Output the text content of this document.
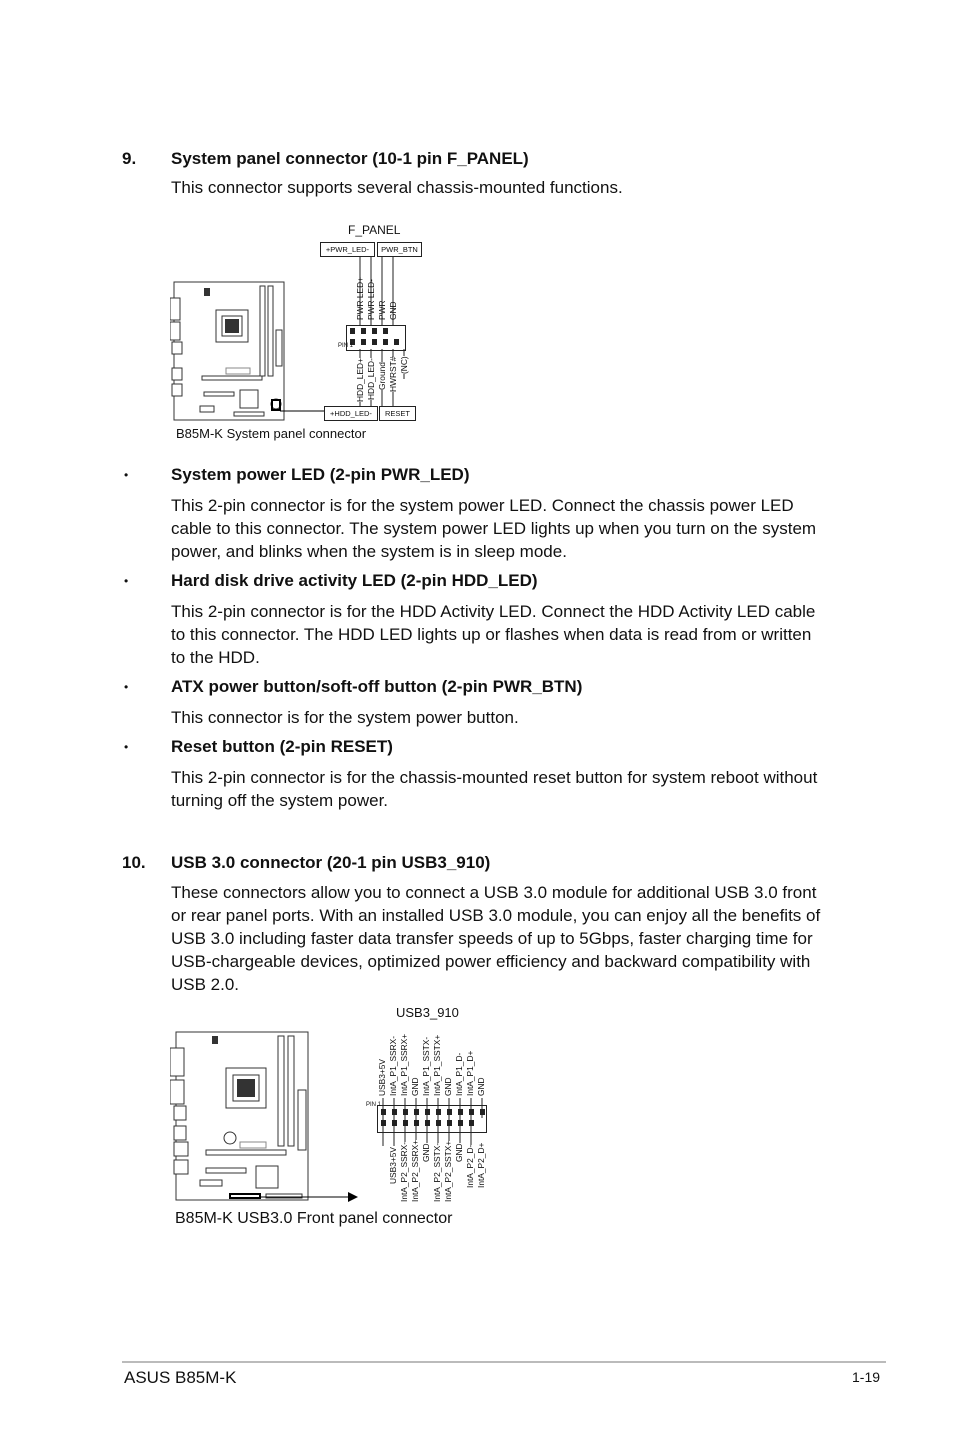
9. System panel connector (10-1 pin F_PANEL)
This connector supports several chassis-mounted functions.
F_PANEL
+PWR_LED-	PWR_BTN
PWR LED+ PWR LED- PWR GND
PIN 1
HDD_LED+ HDD_LED- Ground HWRST# (NC)
+HDD_LED-	RESET
B85M-K System panel connector
•	System power LED (2-pin PWR_LED)
This 2-pin connector is for the system power LED. Connect the chassis power LED
cable to this connector. The system power LED lights up when you turn on the system
power, and blinks when the system is in sleep mode.
•	Hard disk drive activity LED (2-pin HDD_LED)
This 2-pin connector is for the HDD Activity LED. Connect the HDD Activity LED cable
to this connector. The HDD LED lights up or flashes when data is read from or written
to the HDD.
•	ATX power button/soft-off button (2-pin PWR_BTN)
This connector is for the system power button.
•	Reset button (2-pin RESET)
This 2-pin connector is for the chassis-mounted reset button for system reboot without
turning off the system power.
10. USB 3.0 connector (20-1 pin USB3_910)
These connectors allow you to connect a USB 3.0 module for additional USB 3.0 front
or rear panel ports. With an installed USB 3.0 module, you can enjoy all the benefits of
USB 3.0 including faster data transfer speeds of up to 5Gbps, faster charging time for
USB-chargeable devices, optimized power efficiency and backward compatibility with
USB 2.0.
USB3_910
USB3+5V IntA_P1_SSRX- IntA_P1_SSRX+ GND IntA_P1_SSTX- IntA_P1_SSTX+ GND IntA_P1_D- IntA_P1_D+ GND
PIN 1
USB3+5V IntA_P2_SSRX- IntA_P2_SSRX+ GND IntA_P2_SSTX- IntA_P2_SSTX+ GND IntA_P2_D- IntA_P2_D+
B85M-K USB3.0 Front panel connector
ASUS B85M-K	1-19
